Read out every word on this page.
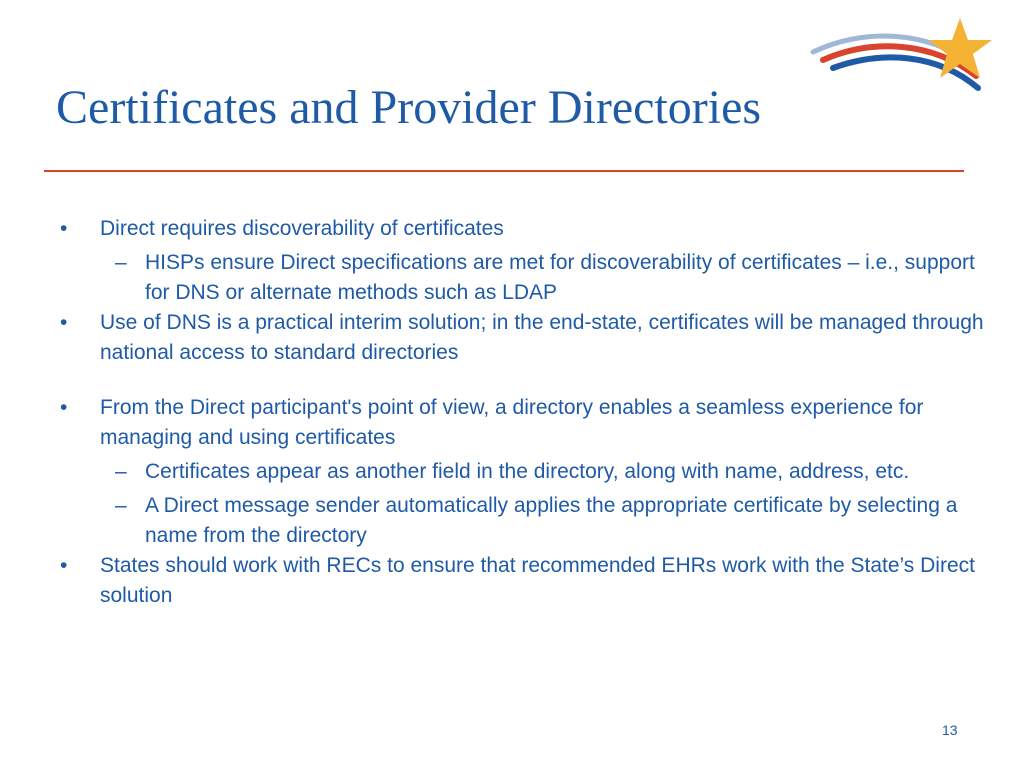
Certificates and Provider Directories
• Direct requires discoverability of certificates
– HISPs ensure Direct specifications are met for discoverability of certificates – i.e., support for DNS or alternate methods such as LDAP
• Use of DNS is a practical interim solution; in the end-state, certificates will be managed through national access to standard directories
• From the Direct participant's point of view, a directory enables a seamless experience for managing and using certificates
– Certificates appear as another field in the directory, along with name, address, etc.
– A Direct message sender automatically applies the appropriate certificate by selecting a name from the directory
• States should work with RECs to ensure that recommended EHRs work with the State’s Direct solution
13
